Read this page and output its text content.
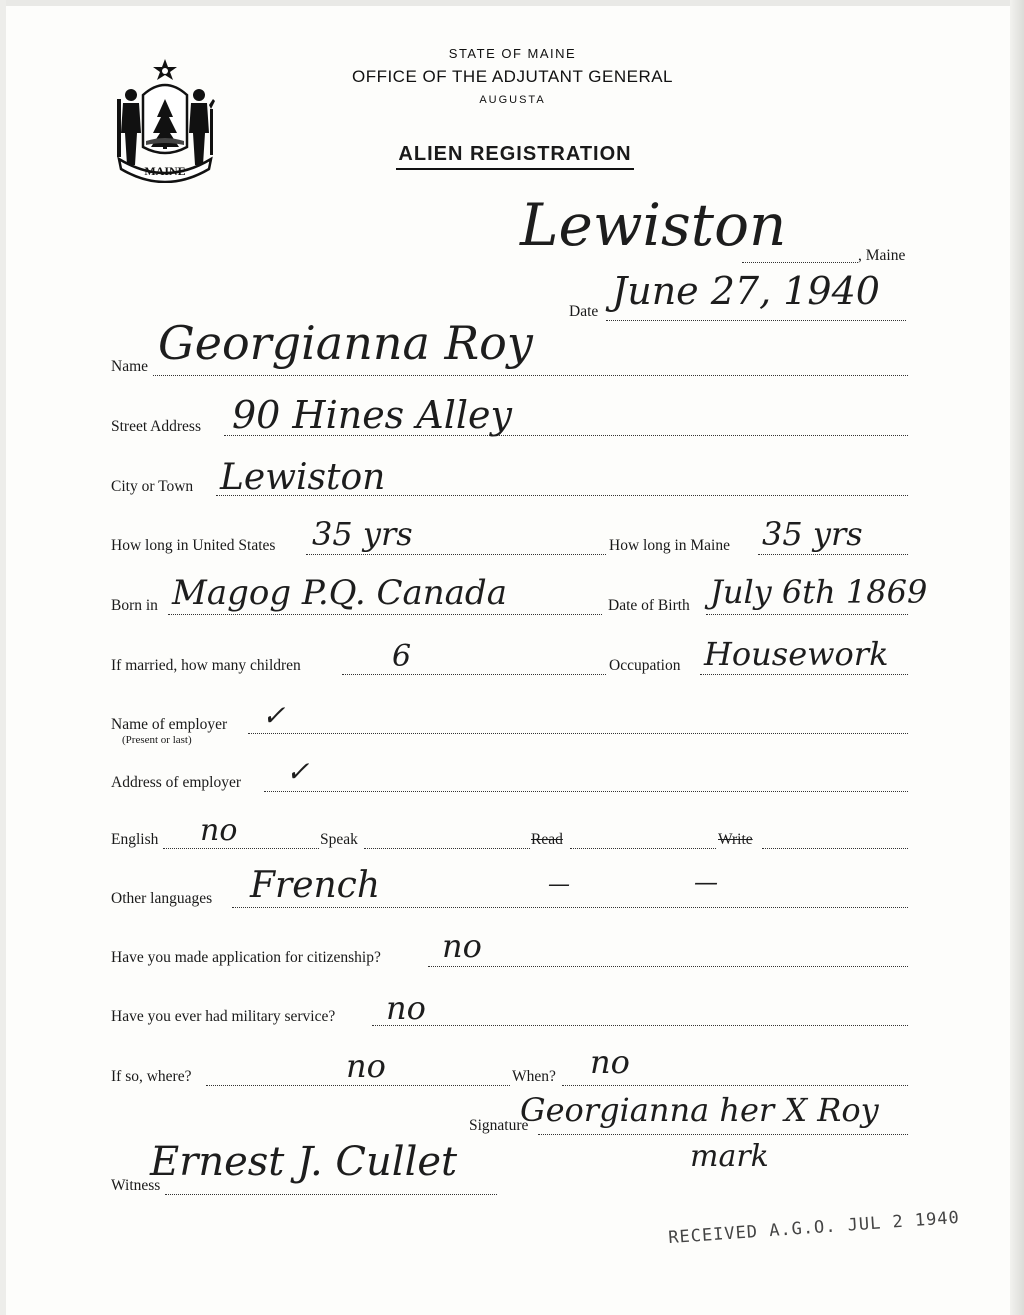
MAINE
STATE OF MAINE
OFFICE OF THE ADJUTANT GENERAL
AUGUSTA
ALIEN REGISTRATION
Lewiston	, Maine
Date June 27, 1940
Name Georgianna Roy
Street Address 90 Hines Alley
City or Town Lewiston
How long in United States 35 yrs	How long in Maine 35 yrs
Born in Magog P.Q. Canada	Date of Birth July 6th 1869
If married, how many children	6	Occupation Housework
Name of employer
(Present or last)
✓
Address of employer ✓
English no	Speak	Read	Write
Other languages French	—	—
Have you made application for citizenship? no
Have you ever had military service? no
If so, where?	no	When? no
Signature
Georgianna her X Roy
mark
Witness
Ernest J. Cullet
RECEIVED A.G.O. JUL 2 1940
